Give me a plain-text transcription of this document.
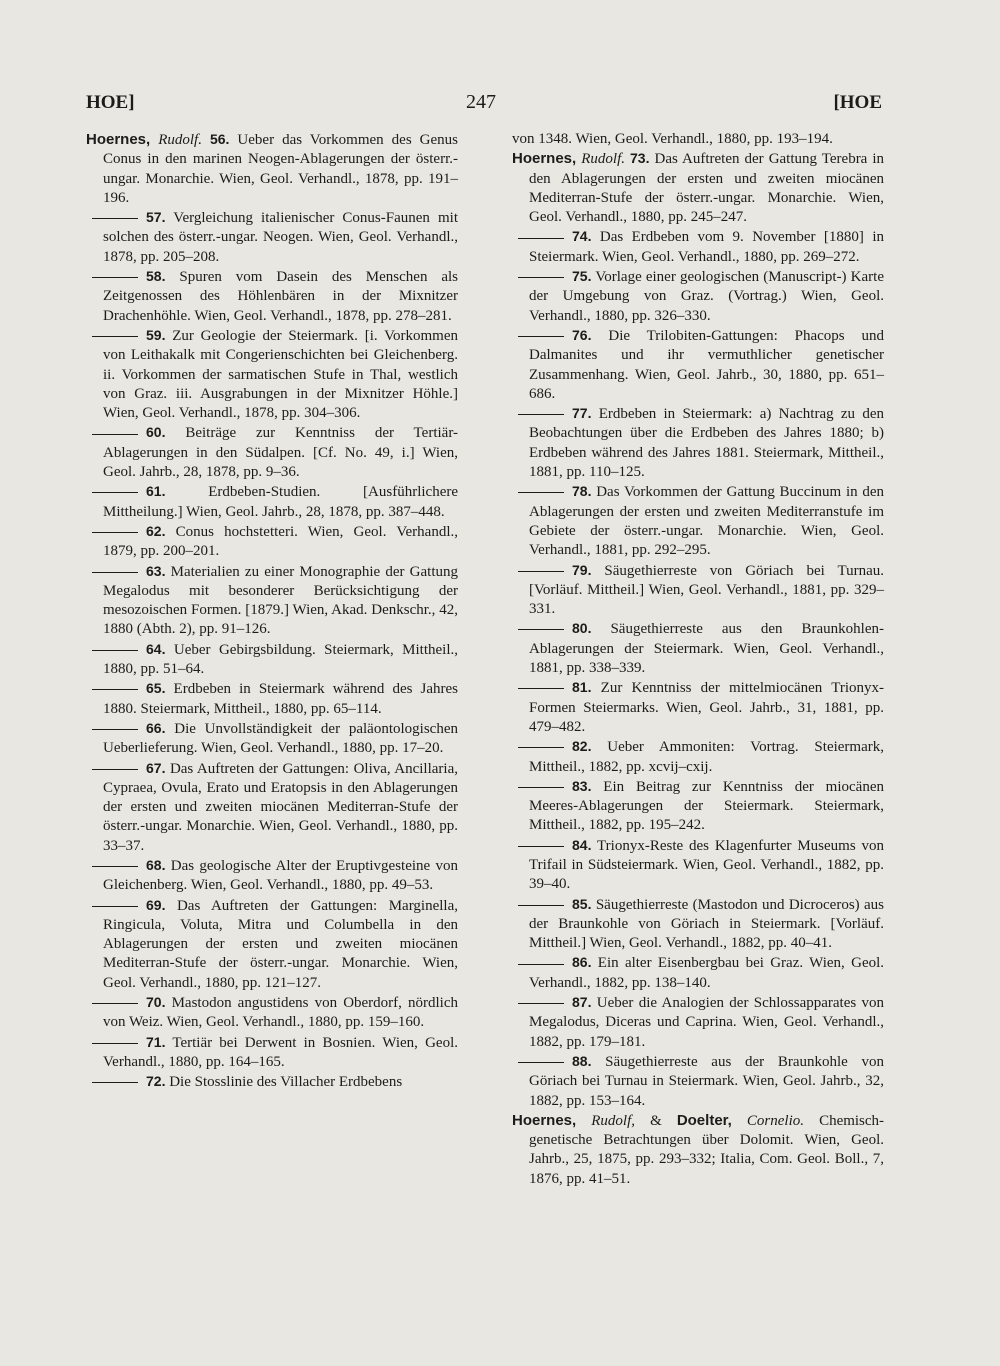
HOE]	247	[HOE

Hoernes, Rudolf. 56. Ueber das Vorkommen des Genus Conus in den marinen Neogen-Ablagerungen der österr.-ungar. Monarchie. Wien, Geol. Verhandl., 1878, pp. 191–196.

57. Vergleichung italienischer Conus-Faunen mit solchen des österr.-ungar. Neogen. Wien, Geol. Verhandl., 1878, pp. 205–208.

58. Spuren vom Dasein des Menschen als Zeitgenossen des Höhlenbären in der Mixnitzer Drachenhöhle. Wien, Geol. Verhandl., 1878, pp. 278–281.

59. Zur Geologie der Steiermark. [i. Vorkommen von Leithakalk mit Congerienschichten bei Gleichenberg. ii. Vorkommen der sarmatischen Stufe in Thal, westlich von Graz. iii. Ausgrabungen in der Mixnitzer Höhle.] Wien, Geol. Verhandl., 1878, pp. 304–306.

60. Beiträge zur Kenntniss der Tertiär-Ablagerungen in den Südalpen. [Cf. No. 49, i.] Wien, Geol. Jahrb., 28, 1878, pp. 9–36.

61.	Erdbeben-Studien. [Ausführlichere Mittheilung.] Wien, Geol. Jahrb., 28, 1878, pp. 387–448.

62. Conus hochstetteri. Wien, Geol. Verhandl., 1879, pp. 200–201.

63. Materialien zu einer Monographie der Gattung Megalodus mit besonderer Berücksichtigung der mesozoischen Formen. [1879.] Wien, Akad. Denkschr., 42, 1880 (Abth. 2), pp. 91–126.

64. Ueber Gebirgsbildung. Steiermark, Mittheil., 1880, pp. 51–64.

65. Erdbeben in Steiermark während des Jahres 1880. Steiermark, Mittheil., 1880, pp. 65–114.

66. Die Unvollständigkeit der paläontologischen Ueberlieferung. Wien, Geol. Verhandl., 1880, pp. 17–20.

67. Das Auftreten der Gattungen: Oliva, Ancillaria, Cypraea, Ovula, Erato und Eratopsis in den Ablagerungen der ersten und zweiten miocänen Mediterran-Stufe der österr.-ungar. Monarchie. Wien, Geol. Verhandl., 1880, pp. 33–37.

68. Das geologische Alter der Eruptivgesteine von Gleichenberg. Wien, Geol. Verhandl., 1880, pp. 49–53.

69. Das Auftreten der Gattungen: Marginella, Ringicula, Voluta, Mitra und Columbella in den Ablagerungen der ersten und zweiten miocänen Mediterran-Stufe der österr.-ungar. Monarchie. Wien, Geol. Verhandl., 1880, pp. 121–127.

70. Mastodon angustidens von Oberdorf, nördlich von Weiz. Wien, Geol. Verhandl., 1880, pp. 159–160.

71. Tertiär bei Derwent in Bosnien. Wien, Geol. Verhandl., 1880, pp. 164–165.

72. Die Stosslinie des Villacher Erdbebens

von 1348. Wien, Geol. Verhandl., 1880, pp. 193–194.

Hoernes, Rudolf. 73. Das Auftreten der Gattung Terebra in den Ablagerungen der ersten und zweiten miocänen Mediterran-Stufe der österr.-ungar. Monarchie. Wien, Geol. Verhandl., 1880, pp. 245–247.

74. Das Erdbeben vom 9. November [1880] in Steiermark. Wien, Geol. Verhandl., 1880, pp. 269–272.

75. Vorlage einer geologischen (Manuscript-) Karte der Umgebung von Graz. (Vortrag.) Wien, Geol. Verhandl., 1880, pp. 326–330.

76. Die Trilobiten-Gattungen: Phacops und Dalmanites und ihr vermuthlicher genetischer Zusammenhang. Wien, Geol. Jahrb., 30, 1880, pp. 651–686.

77. Erdbeben in Steiermark: a) Nachtrag zu den Beobachtungen über die Erdbeben des Jahres 1880; b) Erdbeben während des Jahres 1881. Steiermark, Mittheil., 1881, pp. 110–125.

78. Das Vorkommen der Gattung Buccinum in den Ablagerungen der ersten und zweiten Mediterranstufe im Gebiete der österr.-ungar. Monarchie. Wien, Geol. Verhandl., 1881, pp. 292–295.

79. Säugethierreste von Göriach bei Turnau. [Vorläuf. Mittheil.] Wien, Geol. Verhandl., 1881, pp. 329–331.

80. Säugethierreste aus den Braunkohlen-Ablagerungen der Steiermark. Wien, Geol. Verhandl., 1881, pp. 338–339.

81. Zur Kenntniss der mittelmiocänen Trionyx-Formen Steiermarks. Wien, Geol. Jahrb., 31, 1881, pp. 479–482.

82. Ueber Ammoniten: Vortrag. Steiermark, Mittheil., 1882, pp. xcvij–cxij.

83. Ein Beitrag zur Kenntniss der miocänen Meeres-Ablagerungen der Steiermark. Steiermark, Mittheil., 1882, pp. 195–242.

84. Trionyx-Reste des Klagenfurter Museums von Trifail in Südsteiermark. Wien, Geol. Verhandl., 1882, pp. 39–40.

85. Säugethierreste (Mastodon und Dicroceros) aus der Braunkohle von Göriach in Steiermark. [Vorläuf. Mittheil.] Wien, Geol. Verhandl., 1882, pp. 40–41.

86. Ein alter Eisenbergbau bei Graz. Wien, Geol. Verhandl., 1882, pp. 138–140.

87. Ueber die Analogien der Schlossapparates von Megalodus, Diceras und Caprina. Wien, Geol. Verhandl., 1882, pp. 179–181.

88. Säugethierreste aus der Braunkohle von Göriach bei Turnau in Steiermark. Wien, Geol. Jahrb., 32, 1882, pp. 153–164.

Hoernes, Rudolf, & Doelter, Cornelio. Chemisch-genetische Betrachtungen über Dolomit. Wien, Geol. Jahrb., 25, 1875, pp. 293–332; Italia, Com. Geol. Boll., 7, 1876, pp. 41–51.
